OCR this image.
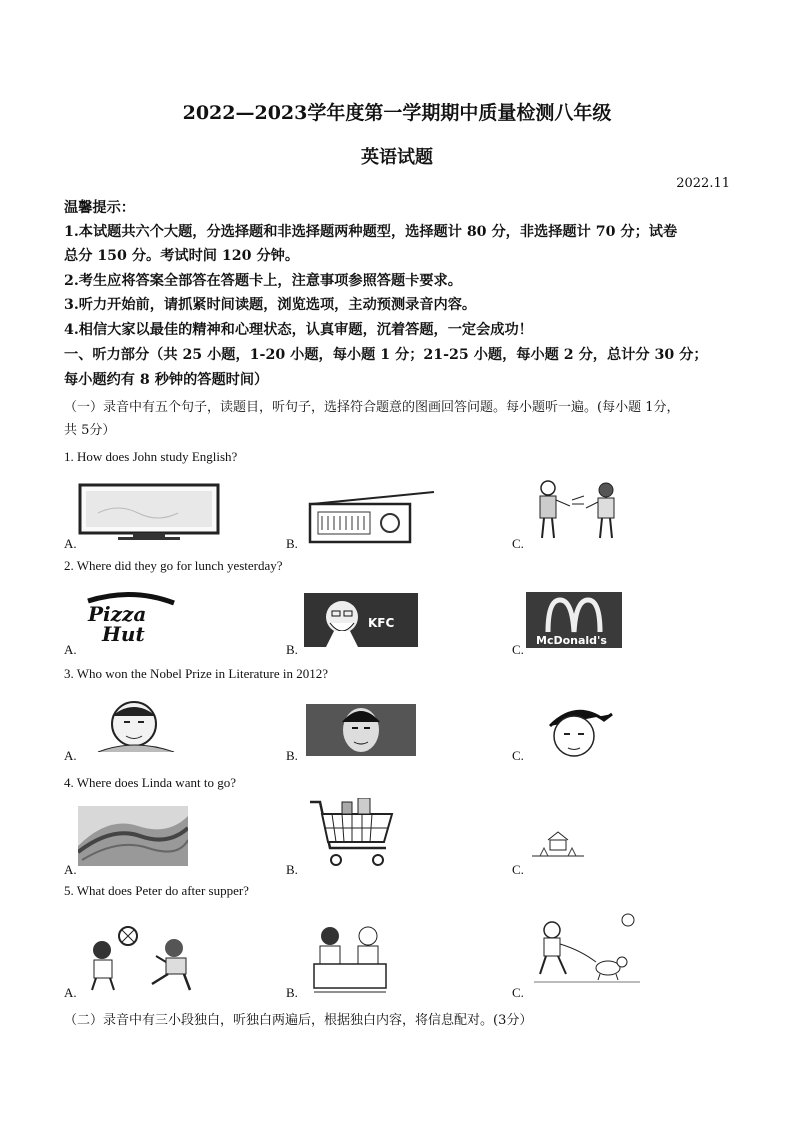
2022—2023学年度第一学期期中质量检测八年级
英语试题
2022.11
温馨提示：
1.本试题共六个大题，分选择题和非选择题两种题型，选择题计 80 分，非选择题计 70 分；试卷
总分 150 分。考试时间 120 分钟。
2.考生应将答案全部答在答题卡上，注意事项参照答题卡要求。
3.听力开始前，请抓紧时间读题，浏览选项，主动预测录音内容。
4.相信大家以最佳的精神和心理状态，认真审题，沉着答题，一定会成功！
一、听力部分（共 25 小题，1-20 小题，每小题 1 分；21-25 小题，每小题 2 分，总计分 30 分；
每小题约有 8 秒钟的答题时间）
（一）录音中有五个句子，读题目，听句子，选择符合题意的图画回答问题。每小题听一遍。(每小题 1分，
共 5分）
1. How does John study English?
A.	B.	C.
2. Where did they go for lunch yesterday?
Pizza
Hut
A.
KFC
B.
McDonald's
C.
3. Who won the Nobel Prize in Literature in 2012?
A.	B.	C.
4. Where does Linda want to go?
A.	B.	C.
5. What does Peter do after supper?
A.	B.	C.
（二）录音中有三小段独白，听独白两遍后，根据独白内容，将信息配对。(3分）
